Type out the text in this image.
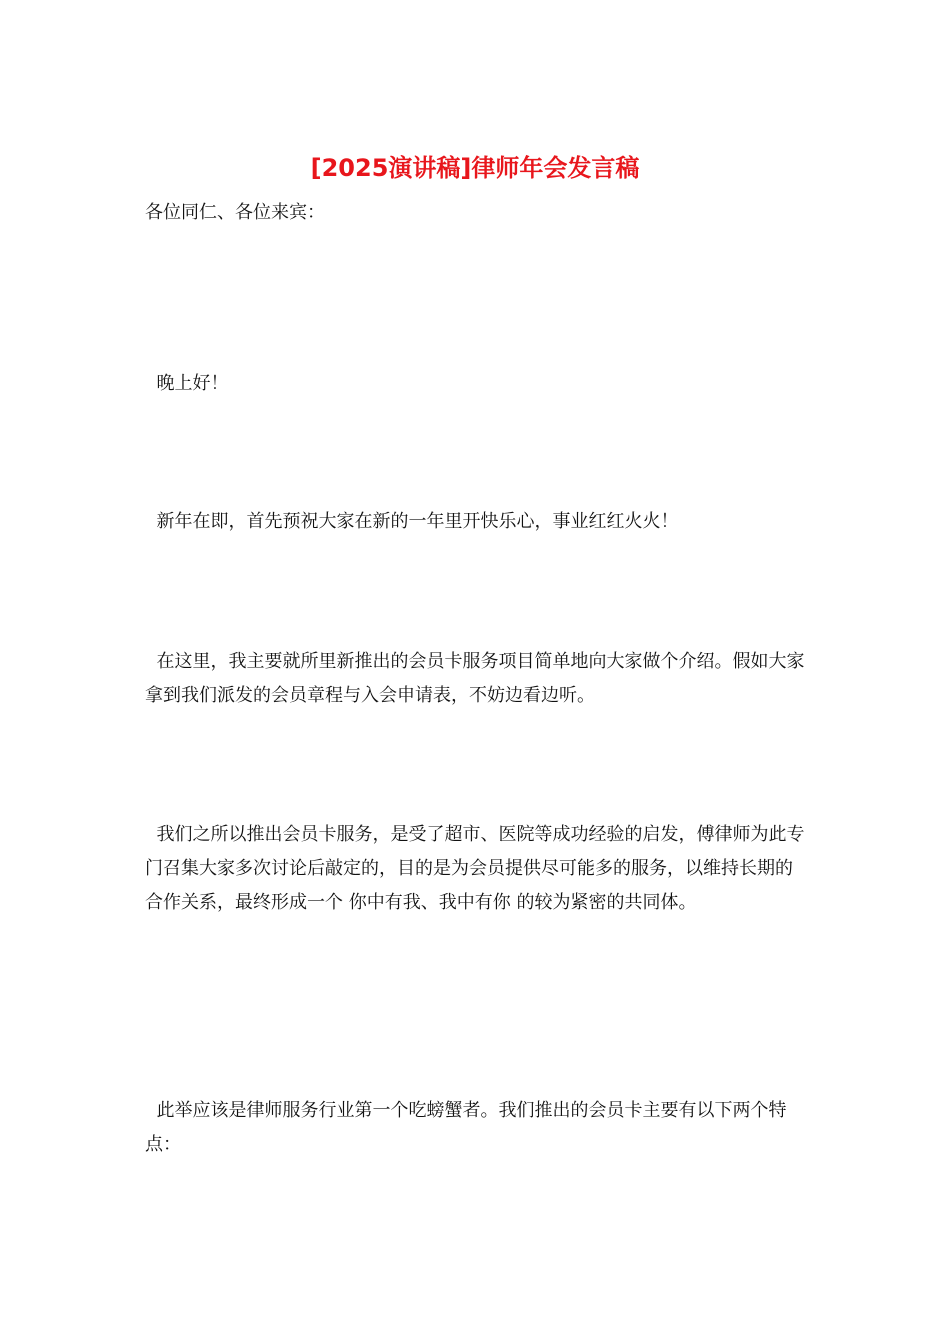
[2025演讲稿]律师年会发言稿

各位同仁、各位来宾：

晚上好！

新年在即，首先预祝大家在新的一年里开快乐心，事业红红火火！

在这里，我主要就所里新推出的会员卡服务项目简单地向大家做个介绍。假如大家拿到我们派发的会员章程与入会申请表，不妨边看边听。

我们之所以推出会员卡服务，是受了超市、医院等成功经验的启发，傅律师为此专门召集大家多次讨论后敲定的，目的是为会员提供尽可能多的服务，以维持长期的合作关系，最终形成一个 你中有我、我中有你 的较为紧密的共同体。

此举应该是律师服务行业第一个吃螃蟹者。我们推出的会员卡主要有以下两个特点：
